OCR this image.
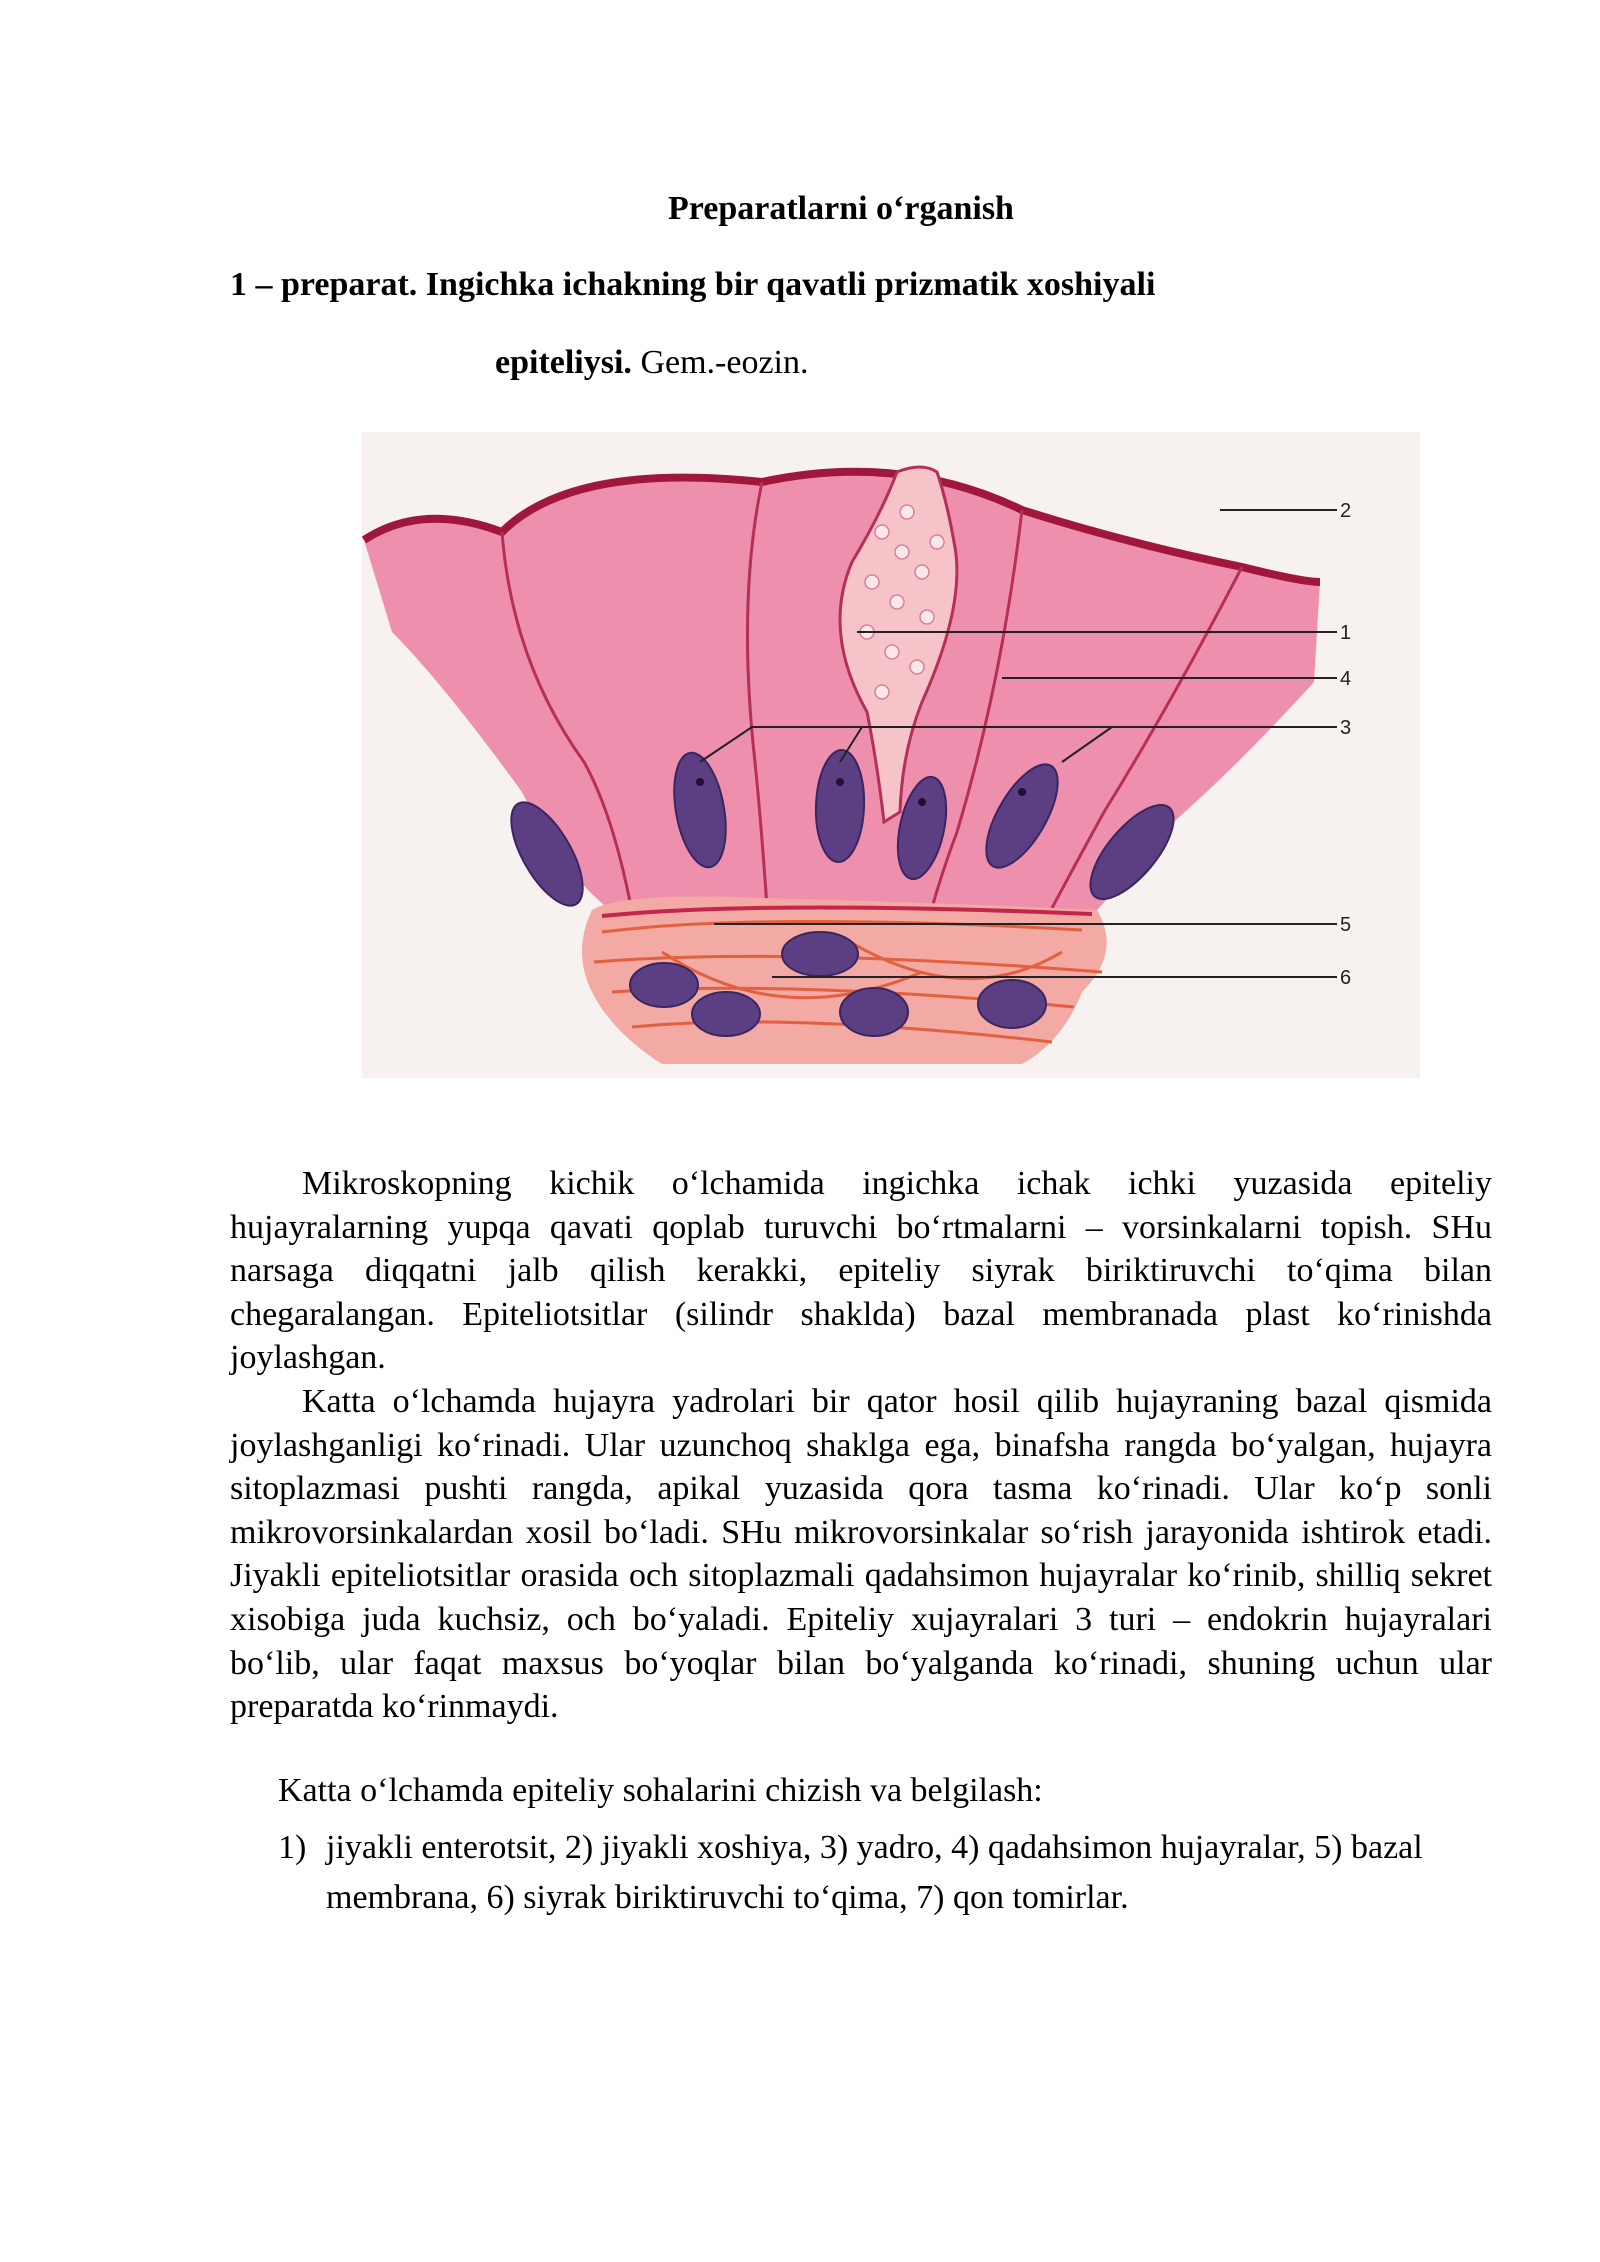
Preparatlarni o‘rganish
1 – preparat. Ingichka ichakning bir qavatli prizmatik xoshiyali
epiteliysi. Gem.-eozin.
2
1
4
3
5
6

Mikroskopning kichik o‘lchamida ingichka ichak ichki yuzasida epiteliy hujayralarning yupqa qavati qoplab turuvchi bo‘rtmalarni – vorsinkalarni topish. SHu narsaga diqqatni jalb qilish kerakki, epiteliy siyrak biriktiruvchi to‘qima bilan chegaralangan. Epiteliotsitlar (silindr shaklda) bazal membranada plast ko‘rinishda joylashgan.

Katta o‘lchamda hujayra yadrolari bir qator hosil qilib hujayraning bazal qismida joylashganligi ko‘rinadi. Ular uzunchoq shaklga ega, binafsha rangda bo‘yalgan, hujayra sitoplazmasi pushti rangda, apikal yuzasida qora tasma ko‘rinadi. Ular ko‘p sonli mikrovorsinkalardan xosil bo‘ladi. SHu mikrovorsinkalar so‘rish jarayonida ishtirok etadi. Jiyakli epiteliotsitlar orasida och sitoplazmali qadahsimon hujayralar ko‘rinib, shilliq sekret xisobiga juda kuchsiz, och bo‘yaladi. Epiteliy xujayralari 3 turi – endokrin hujayralari bo‘lib, ular faqat maxsus bo‘yoqlar bilan bo‘yalganda ko‘rinadi, shuning uchun ular preparatda ko‘rinmaydi.

Katta o‘lchamda epiteliy sohalarini chizish va belgilash:
1) jiyakli enterotsit, 2) jiyakli xoshiya, 3) yadro, 4) qadahsimon hujayralar, 5) bazal membrana, 6) siyrak biriktiruvchi to‘qima, 7) qon tomirlar.
